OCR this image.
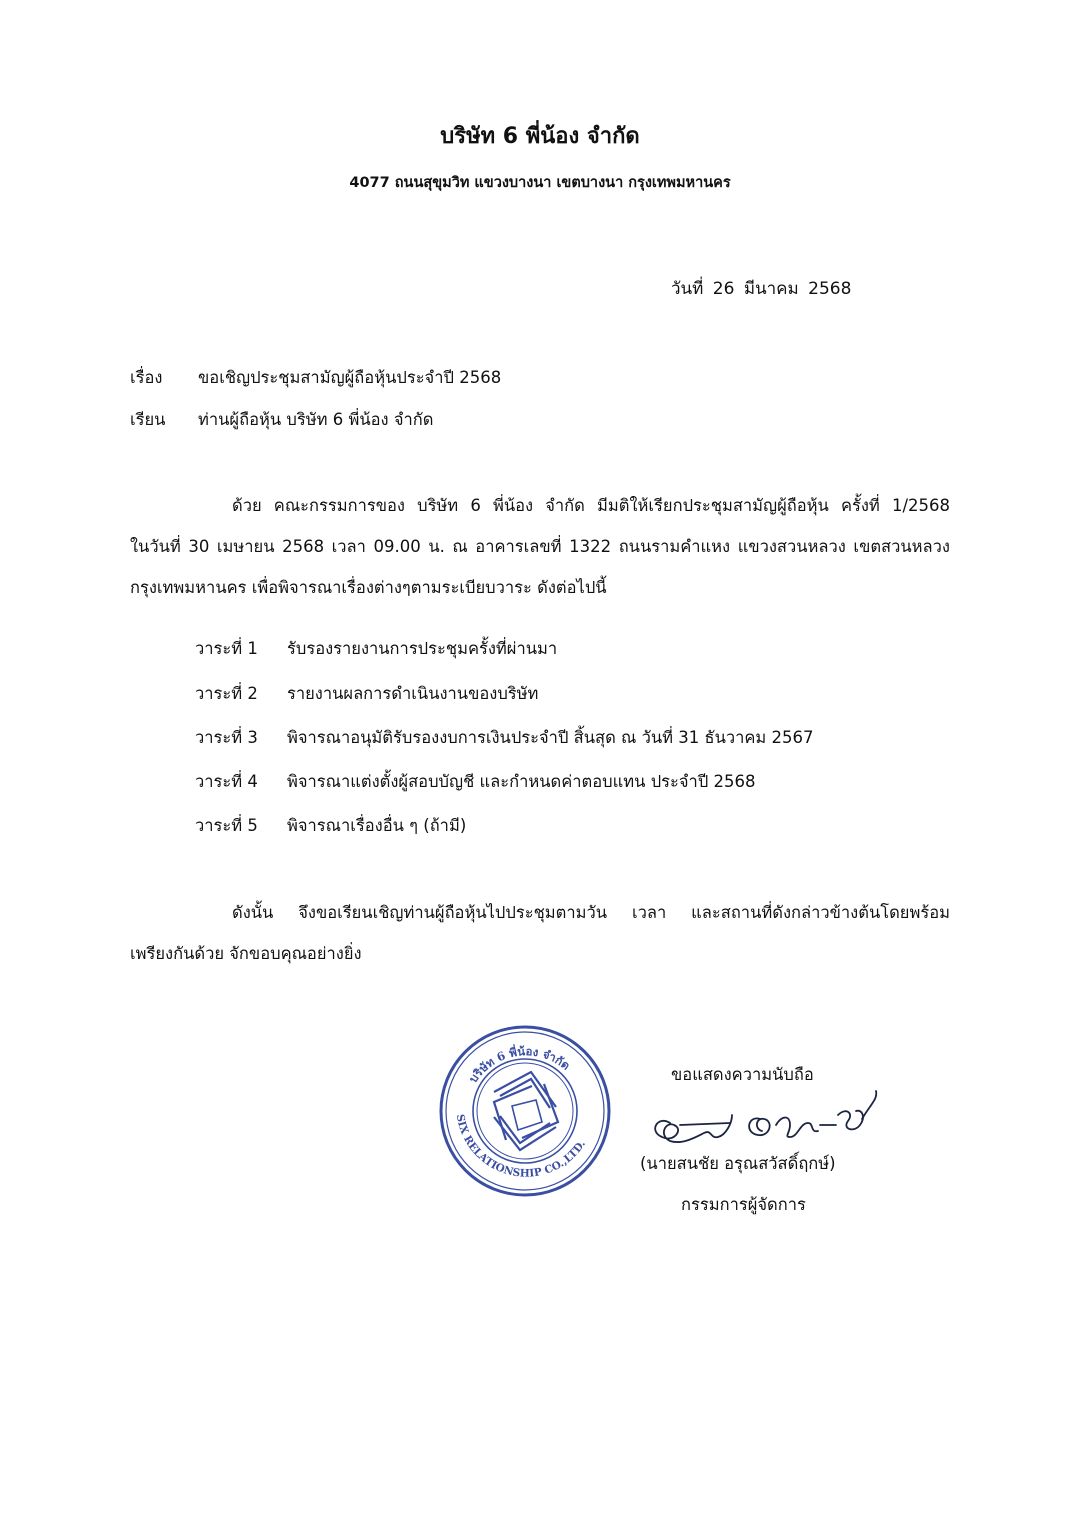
บริษัท 6 พี่น้อง จำกัด
4077 ถนนสุขุมวิท แขวงบางนา เขตบางนา กรุงเทพมหานคร
วันที่ 26 มีนาคม 2568
เรื่อง ขอเชิญประชุมสามัญผู้ถือหุ้นประจำปี 2568
เรียน ท่านผู้ถือหุ้น บริษัท 6 พี่น้อง จำกัด
ด้วย คณะกรรมการของ บริษัท 6 พี่น้อง จำกัด มีมติให้เรียกประชุมสามัญผู้ถือหุ้น ครั้งที่ 1/2568
ในวันที่ 30 เมษายน 2568 เวลา 09.00 น. ณ อาคารเลขที่ 1322 ถนนรามคำแหง แขวงสวนหลวง เขตสวนหลวง
กรุงเทพมหานคร เพื่อพิจารณาเรื่องต่างๆตามระเบียบวาระ ดังต่อไปนี้
วาระที่ 1 รับรองรายงานการประชุมครั้งที่ผ่านมา
วาระที่ 2 รายงานผลการดำเนินงานของบริษัท
วาระที่ 3 พิจารณาอนุมัติรับรองงบการเงินประจำปี สิ้นสุด ณ วันที่ 31 ธันวาคม 2567
วาระที่ 4 พิจารณาแต่งตั้งผู้สอบบัญชี และกำหนดค่าตอบแทน ประจำปี 2568
วาระที่ 5 พิจารณาเรื่องอื่น ๆ (ถ้ามี)
ดังนั้น จึงขอเรียนเชิญท่านผู้ถือหุ้นไปประชุมตามวัน เวลา และสถานที่ดังกล่าวข้างต้นโดยพร้อม
เพรียงกันด้วย จักขอบคุณอย่างยิ่ง
บริษัท 6 พี่น้อง จำกัด
SIX RELATIONSHIP CO.,LTD.
ขอแสดงความนับถือ
(นายสนชัย อรุณสวัสดิ์ฤกษ์)
กรรมการผู้จัดการ
